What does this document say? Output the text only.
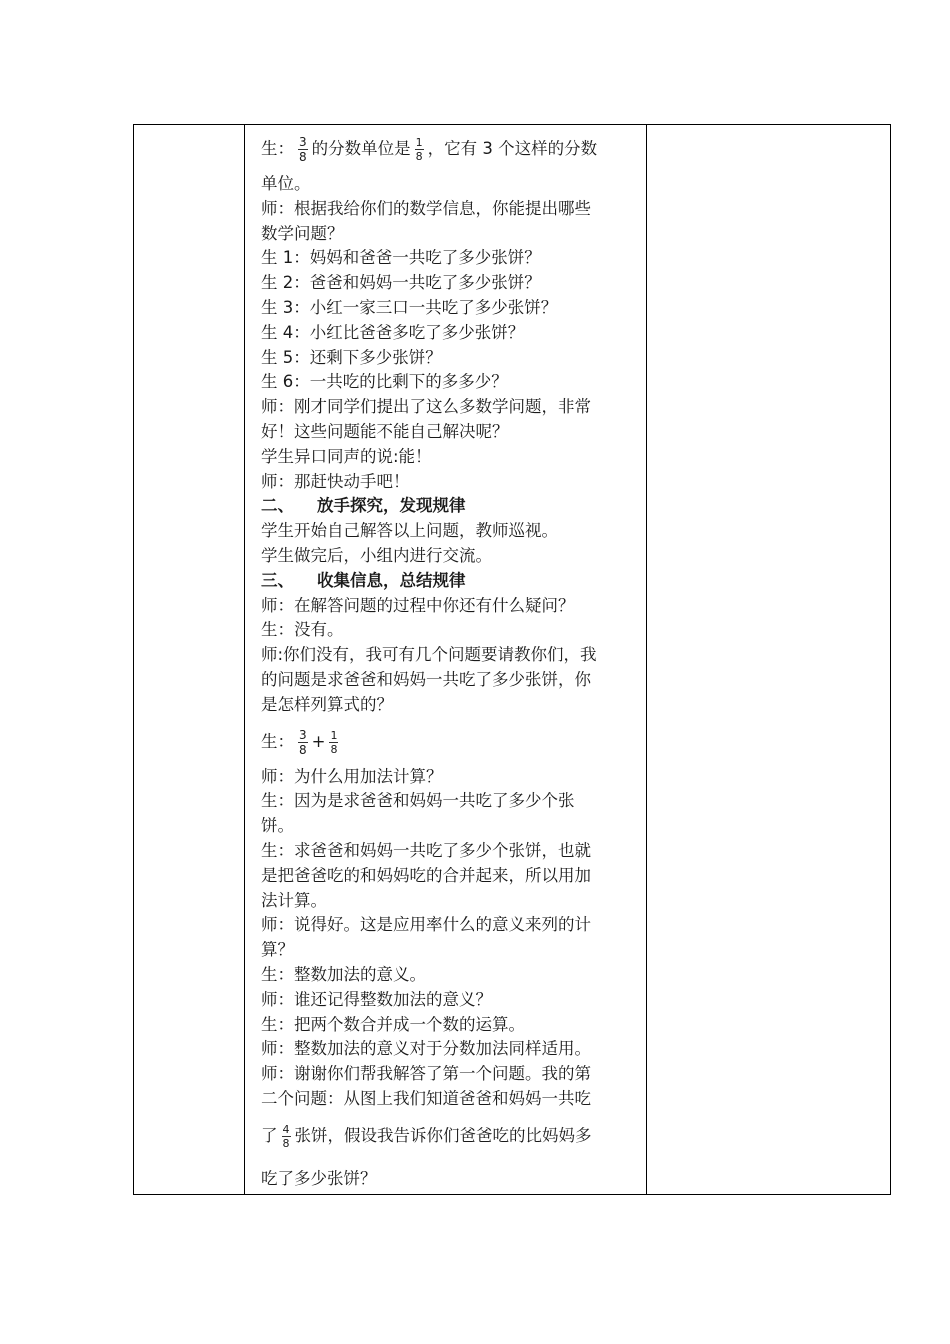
生： $\frac{3}{8}$ 的分数单位是 $\frac{1}{8}$ ，它有 3 个这样的分数
单位。
师：根据我给你们的数学信息，你能提出哪些
数学问题？
生 1：妈妈和爸爸一共吃了多少张饼？
生 2：爸爸和妈妈一共吃了多少张饼？
生 3：小红一家三口一共吃了多少张饼？
生 4：小红比爸爸多吃了多少张饼？
生 5：还剩下多少张饼？
生 6：一共吃的比剩下的多多少？
师：刚才同学们提出了这么多数学问题，非常
好！这些问题能不能自己解决呢？
学生异口同声的说:能！
师：那赶快动手吧！
二、 放手探究，发现规律
学生开始自己解答以上问题，教师巡视。
学生做完后，小组内进行交流。
三、 收集信息，总结规律
师：在解答问题的过程中你还有什么疑问？
生：没有。
师:你们没有，我可有几个问题要请教你们，我
的问题是求爸爸和妈妈一共吃了多少张饼，你
是怎样列算式的？
生： $\frac{3}{8} + \frac{1}{8}$
师：为什么用加法计算？
生：因为是求爸爸和妈妈一共吃了多少个张
饼。
生：求爸爸和妈妈一共吃了多少个张饼，也就
是把爸爸吃的和妈妈吃的合并起来，所以用加
法计算。
师：说得好。这是应用率什么的意义来列的计
算？
生：整数加法的意义。
师：谁还记得整数加法的意义？
生：把两个数合并成一个数的运算。
师：整数加法的意义对于分数加法同样适用。
师：谢谢你们帮我解答了第一个问题。我的第
二个问题：从图上我们知道爸爸和妈妈一共吃
了 $\frac{4}{8}$ 张饼，假设我告诉你们爸爸吃的比妈妈多
吃了多少张饼？
